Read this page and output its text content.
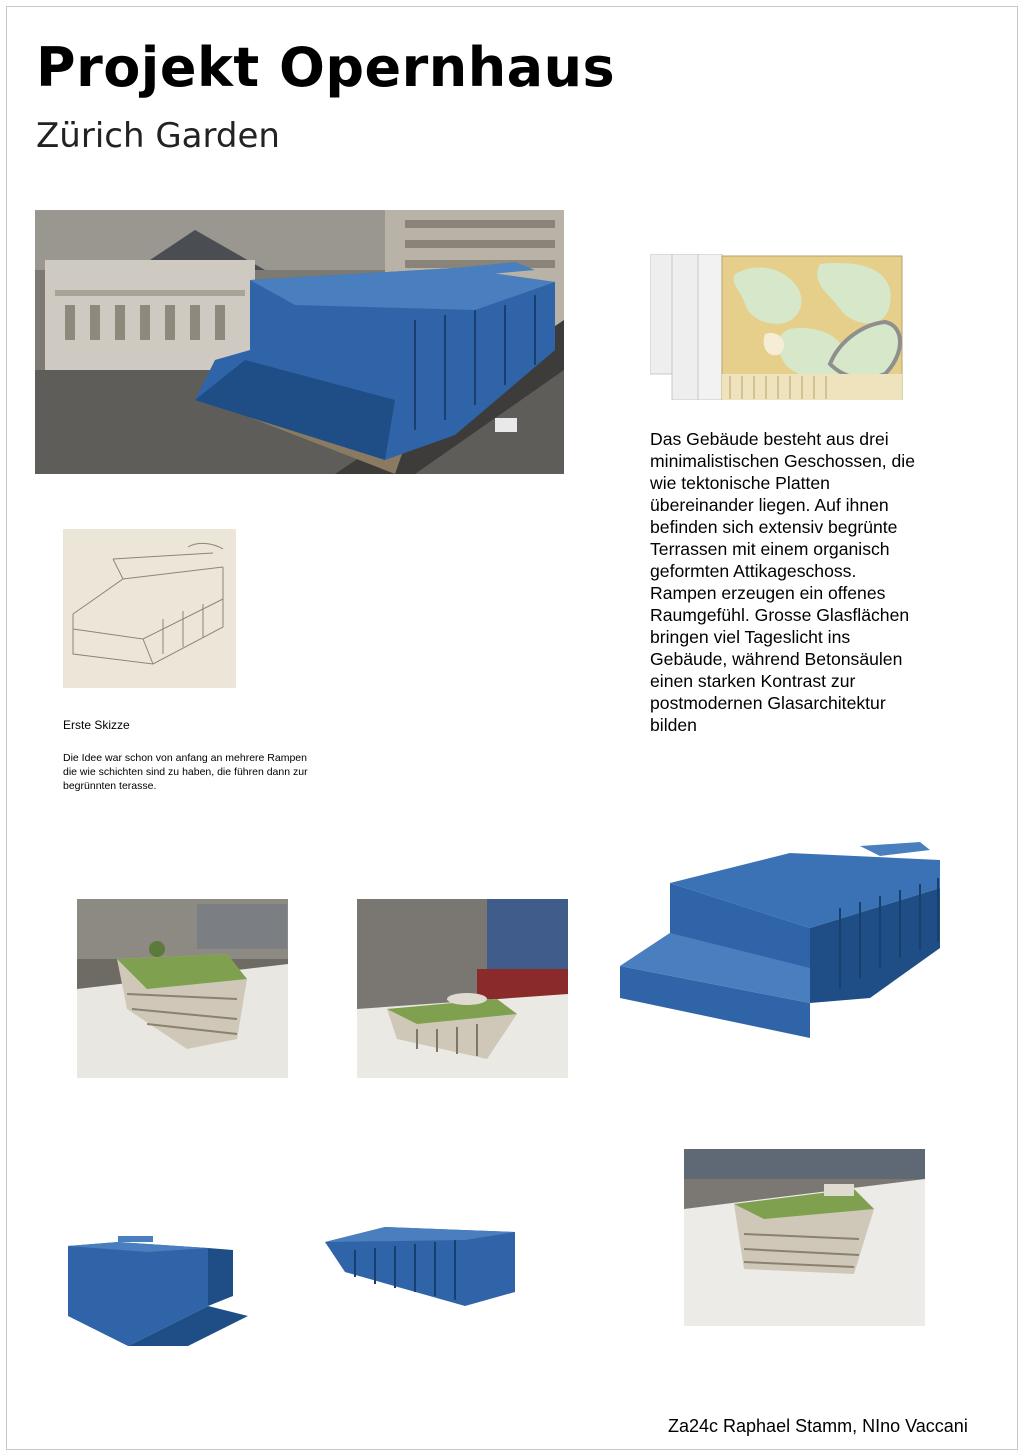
Projekt Opernhaus
Zürich Garden
Das Gebäude besteht aus drei minimalistischen Geschossen, die wie tektonische Platten übereinander liegen. Auf ihnen befinden sich extensiv begrünte Terrassen mit einem organisch geformten Attikageschoss. Rampen erzeugen ein offenes Raumgefühl. Grosse Glasflächen bringen viel Tageslicht ins Gebäude, während Betonsäulen einen starken Kontrast zur postmodernen Glasarchitektur bilden
Erste Skizze
Die Idee war schon von anfang an mehrere Rampen die wie schichten sind zu haben, die führen dann zur begrünnten terasse.
Za24c Raphael Stamm, NIno Vaccani
